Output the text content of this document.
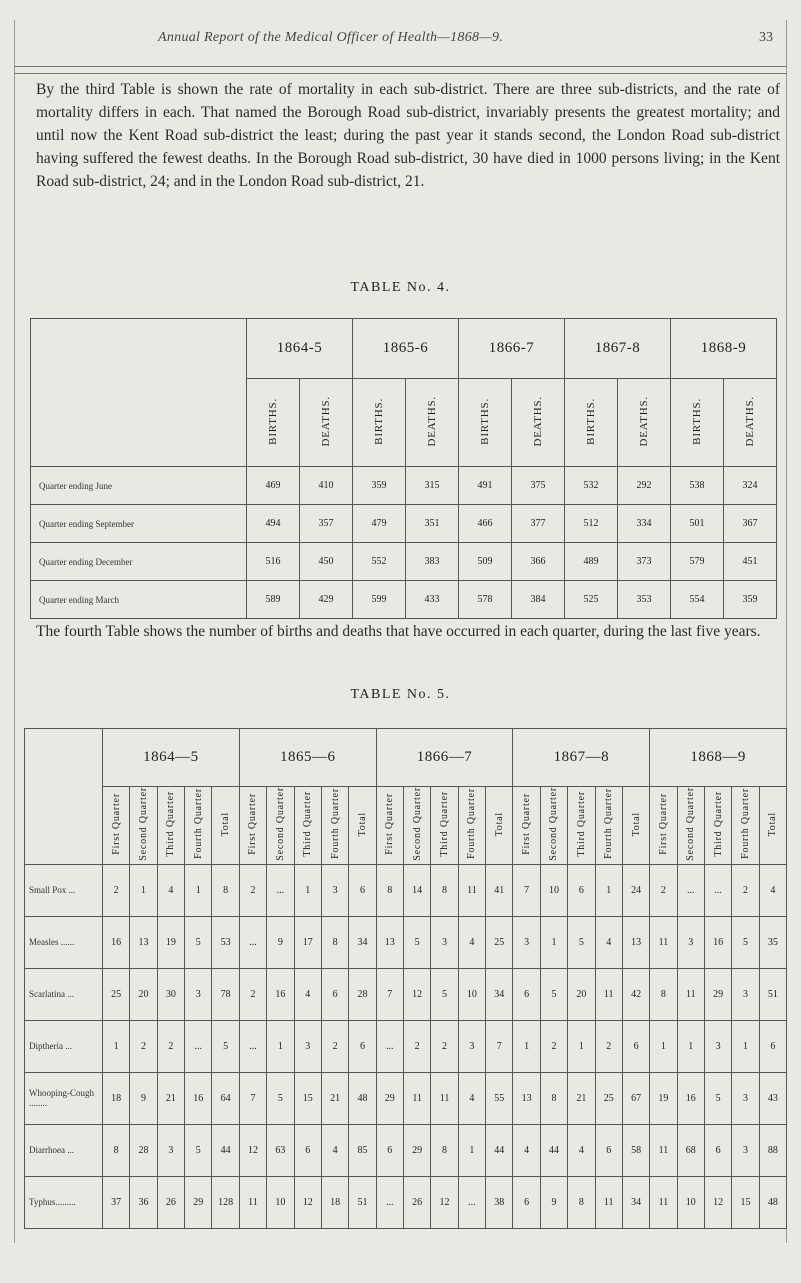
Annual Report of the Medical Officer of Health—1868—9.	33

By the third Table is shown the rate of mortality in each sub-district. There are three sub-districts, and the rate of mortality differs in each. That named the Borough Road sub-district, invariably presents the greatest mortality; and until now the Kent Road sub-district the least; during the past year it stands second, the London Road sub-district having suffered the fewest deaths. In the Borough Road sub-district, 30 have died in 1000 persons living; in the Kent Road sub-district, 24; and in the London Road sub-district, 21.

TABLE No. 4.
	1864-5		1865-6		1866-7		1867-8		1868-9	
	BIRTHS.	DEATHS.	BIRTHS.	DEATHS.	BIRTHS.	DEATHS.	BIRTHS.	DEATHS.	BIRTHS.	DEATHS.
Quarter ending June	469	410	359	315	491	375	532	292	538	324
Quarter ending September	494	357	479	351	466	377	512	334	501	367
Quarter ending December	516	450	552	383	509	366	489	373	579	451
Quarter ending March	589	429	599	433	578	384	525	353	554	359

The fourth Table shows the number of births and deaths that have occurred in each quarter, during the last five years.

TABLE No. 5.
	1864—5					1865—6					1866—7					1867—8					1868—9				
	First Quarter	Second Quarter	Third Quarter	Fourth Quarter	Total	First Quarter	Second Quarter	Third Quarter	Fourth Quarter	Total	First Quarter	Second Quarter	Third Quarter	Fourth Quarter	Total	First Quarter	Second Quarter	Third Quarter	Fourth Quarter	Total	First Quarter	Second Quarter	Third Quarter	Fourth Quarter	Total
Small Pox ...	2	1	4	1	8	2	...	1	3	6	8	14	8	11	41	7	10	6	1	24	2	...	...	2	4
Measles ......	16	13	19	5	53	...	9	17	8	34	13	5	3	4	25	3	1	5	4	13	11	3	16	5	35
Scarlatina ...	25	20	30	3	78	2	16	4	6	28	7	12	5	10	34	6	5	20	11	42	8	11	29	3	51
Diptheria ...	1	2	2	...	5	...	1	3	2	6	...	2	2	3	7	1	2	1	2	6	1	1	3	1	6
Whooping-Cough ........	18	9	21	16	64	7	5	15	21	48	29	11	11	4	55	13	8	21	25	67	19	16	5	3	43
Diarrhoea ...	8	28	3	5	44	12	63	6	4	85	6	29	8	1	44	4	44	4	6	58	11	68	6	3	88
Typhus.........	37	36	26	29	128	11	10	12	18	51	...	26	12	...	38	6	9	8	11	34	11	10	12	15	48
